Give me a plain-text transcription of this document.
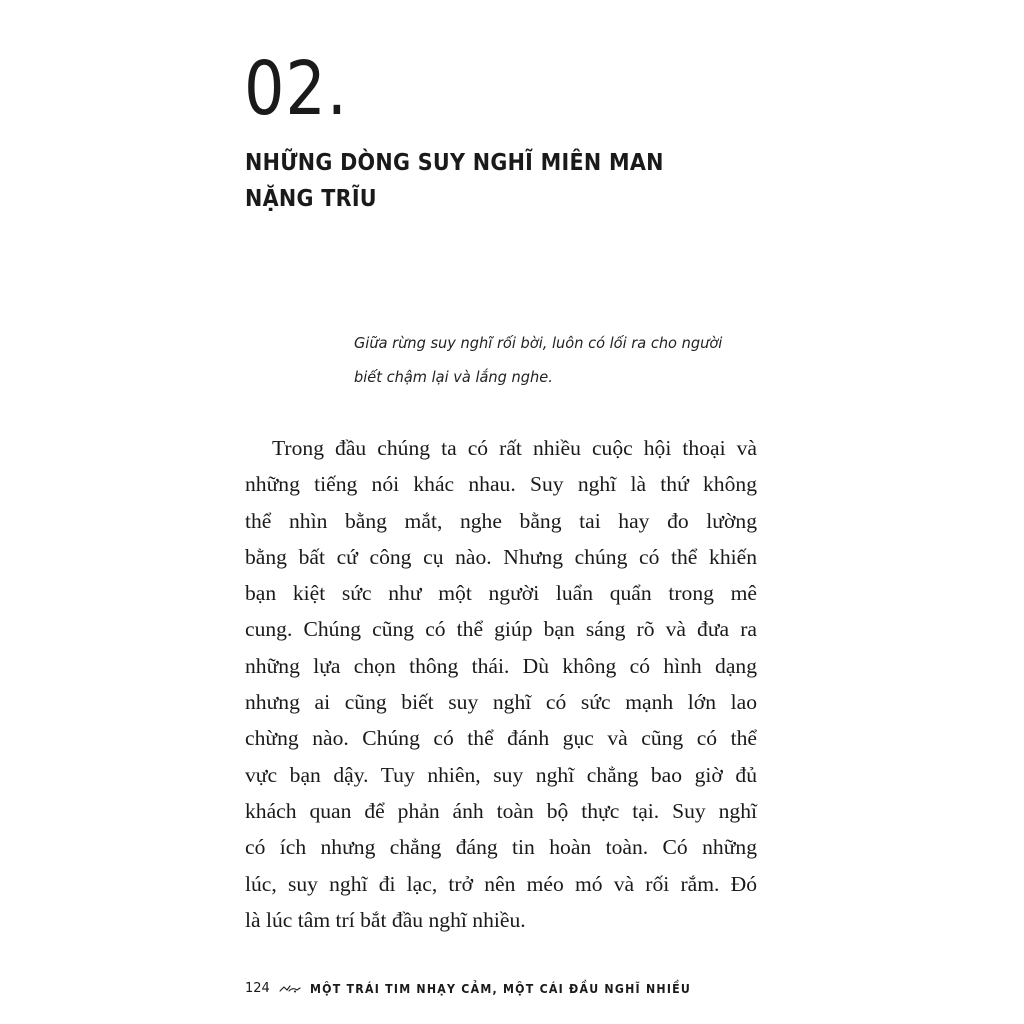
02.
NHỮNG DÒNG SUY NGHĨ MIÊN MAN
NẶNG TRĨU
Giữa rừng suy nghĩ rối bời, luôn có lối ra cho người
biết chậm lại và lắng nghe.
Trong đầu chúng ta có rất nhiều cuộc hội thoại và
những tiếng nói khác nhau. Suy nghĩ là thứ không
thể nhìn bằng mắt, nghe bằng tai hay đo lường
bằng bất cứ công cụ nào. Nhưng chúng có thể khiến
bạn kiệt sức như một người luẩn quẩn trong mê
cung. Chúng cũng có thể giúp bạn sáng rõ và đưa ra
những lựa chọn thông thái. Dù không có hình dạng
nhưng ai cũng biết suy nghĩ có sức mạnh lớn lao
chừng nào. Chúng có thể đánh gục và cũng có thể
vực bạn dậy. Tuy nhiên, suy nghĩ chẳng bao giờ đủ
khách quan để phản ánh toàn bộ thực tại. Suy nghĩ
có ích nhưng chẳng đáng tin hoàn toàn. Có những
lúc, suy nghĩ đi lạc, trở nên méo mó và rối rắm. Đó
là lúc tâm trí bắt đầu nghĩ nhiều.
124	MỘT TRÁI TIM NHẠY CẢM, MỘT CÁI ĐẦU NGHĨ NHIỀU
